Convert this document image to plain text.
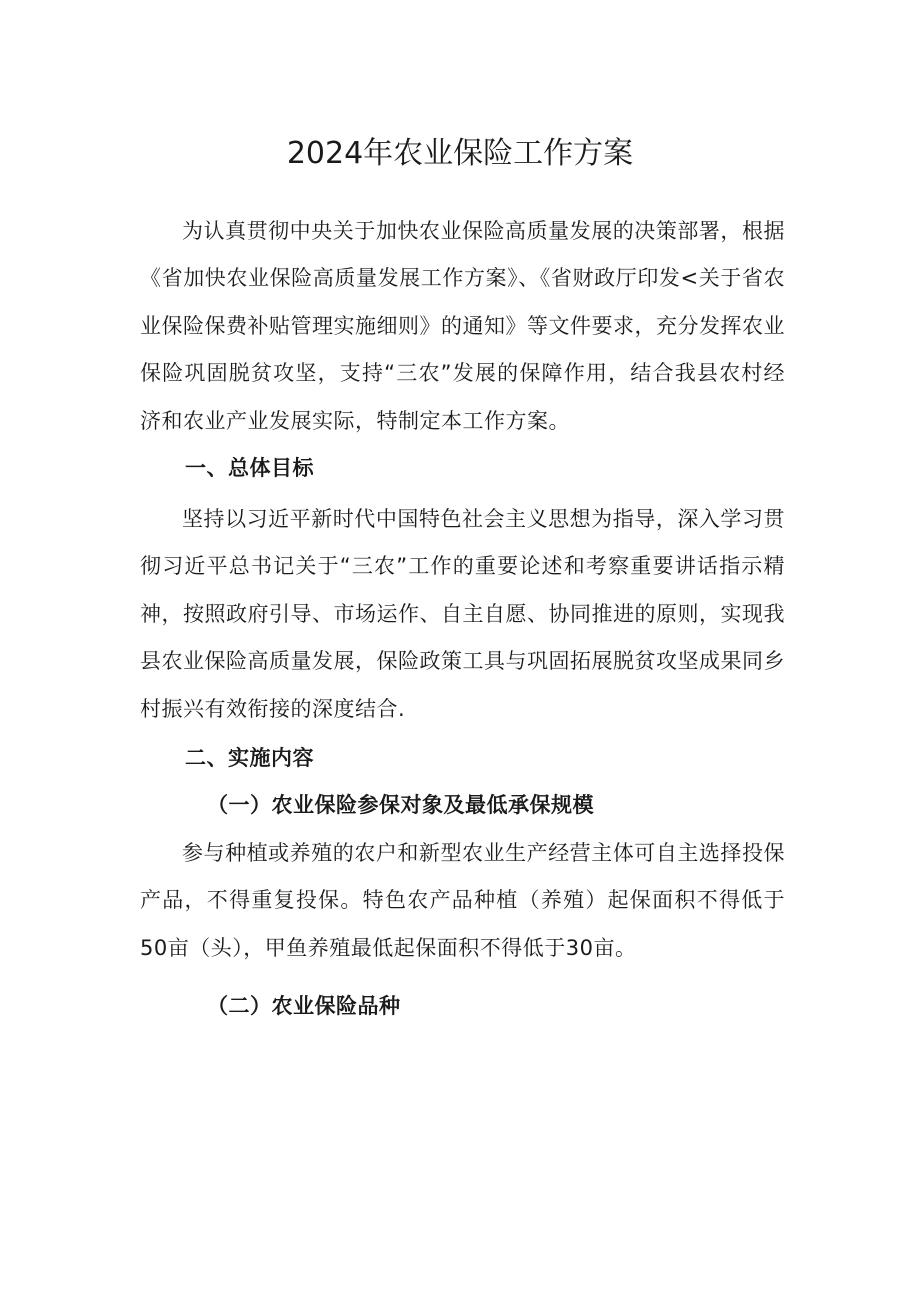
2024年农业保险工作方案

为认真贯彻中央关于加快农业保险高质量发展的决策部署，根据《省加快农业保险高质量发展工作方案》、《省财政厅印发<关于省农业保险保费补贴管理实施细则》的通知》等文件要求，充分发挥农业保险巩固脱贫攻坚，支持“三农”发展的保障作用，结合我县农村经济和农业产业发展实际，特制定本工作方案。

一、总体目标

坚持以习近平新时代中国特色社会主义思想为指导，深入学习贯彻习近平总书记关于“三农”工作的重要论述和考察重要讲话指示精神，按照政府引导、市场运作、自主自愿、协同推进的原则，实现我县农业保险高质量发展，保险政策工具与巩固拓展脱贫攻坚成果同乡村振兴有效衔接的深度结合.

二、实施内容
（一）农业保险参保对象及最低承保规模

参与种植或养殖的农户和新型农业生产经营主体可自主选择投保产品，不得重复投保。特色农产品种植（养殖）起保面积不得低于50亩（头），甲鱼养殖最低起保面积不得低于30亩。

（二）农业保险品种
